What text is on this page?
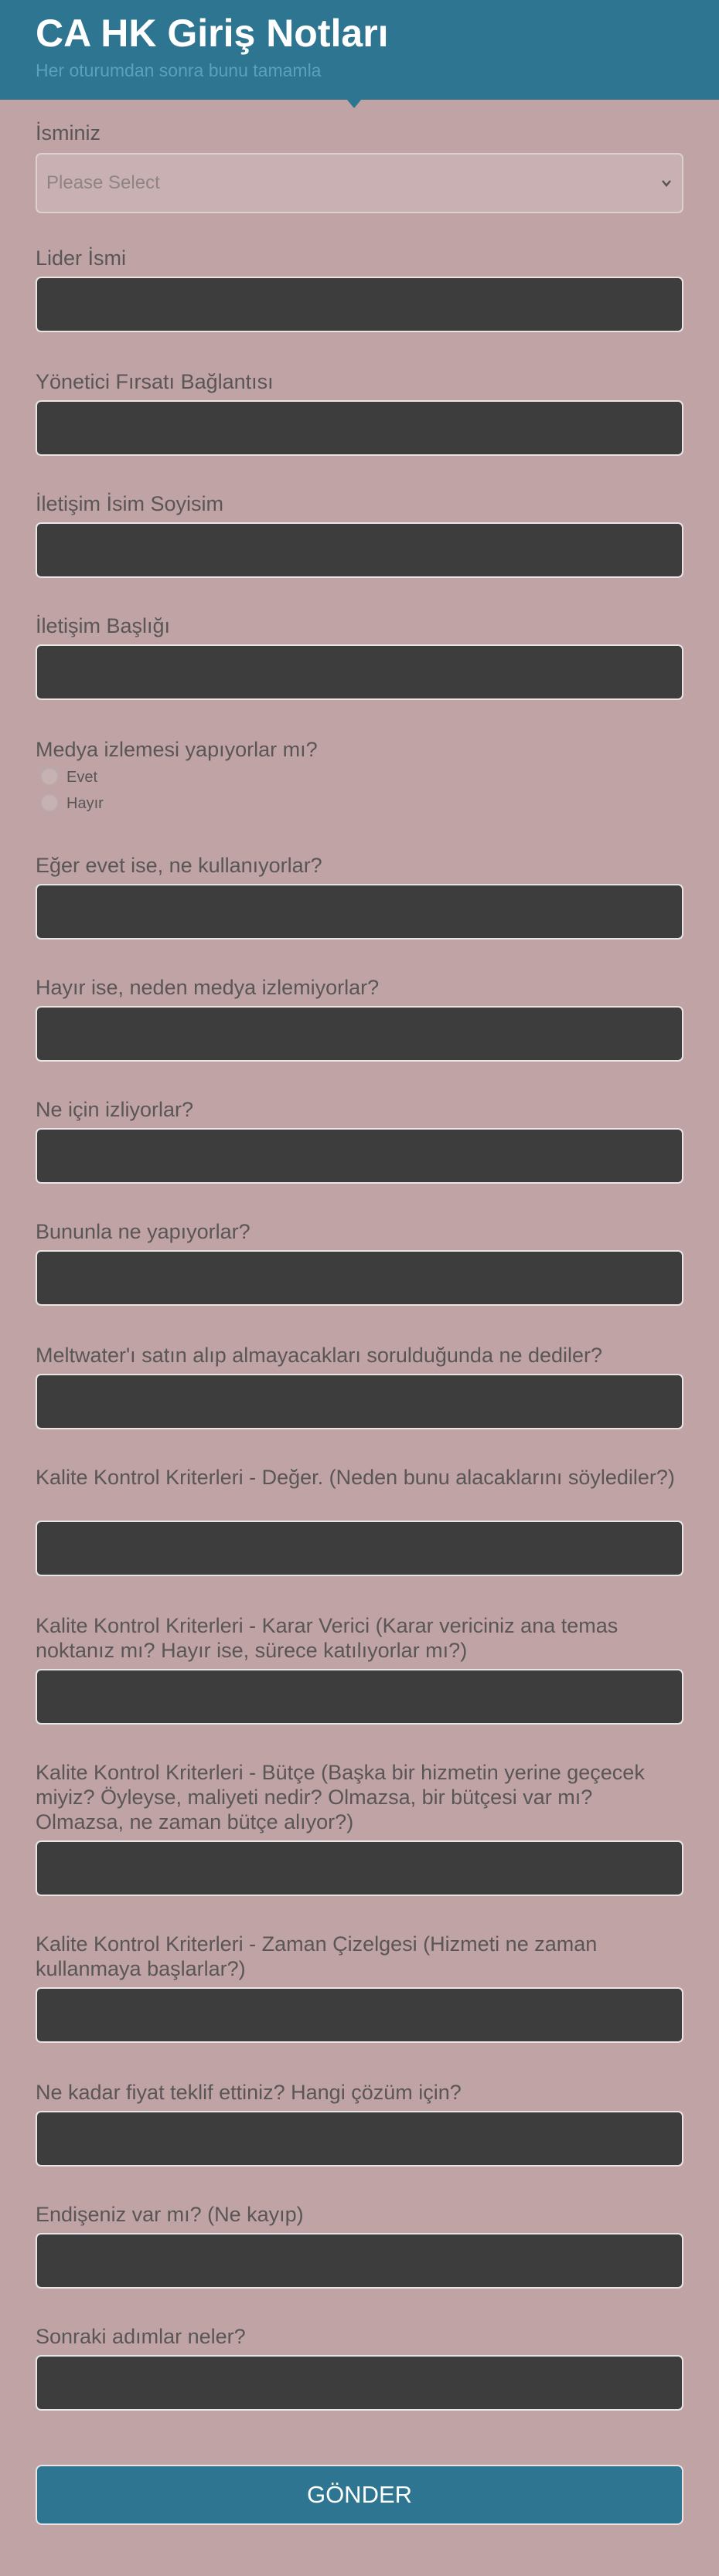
CA HK Giriş Notları

Her oturumdan sonra bunu tamamla

İsminiz
Please Select
Lider İsmi
Yönetici Fırsatı Bağlantısı
İletişim İsim Soyisim
İletişim Başlığı
Medya izlemesi yapıyorlar mı?
Evet
Hayır
Eğer evet ise, ne kullanıyorlar?
Hayır ise, neden medya izlemiyorlar?
Ne için izliyorlar?
Bununla ne yapıyorlar?
Meltwater'ı satın alıp almayacakları sorulduğunda ne dediler?
Kalite Kontrol Kriterleri - Değer. (Neden bunu alacaklarını söylediler?)
Kalite Kontrol Kriterleri - Karar Verici (Karar vericiniz ana temas noktanız mı? Hayır ise, sürece katılıyorlar mı?)
Kalite Kontrol Kriterleri - Bütçe (Başka bir hizmetin yerine geçecek miyiz? Öyleyse, maliyeti nedir? Olmazsa, bir bütçesi var mı? Olmazsa, ne zaman bütçe alıyor?)
Kalite Kontrol Kriterleri - Zaman Çizelgesi (Hizmeti ne zaman kullanmaya başlarlar?)
Ne kadar fiyat teklif ettiniz? Hangi çözüm için?
Endişeniz var mı? (Ne kayıp)
Sonraki adımlar neler?
GÖNDER
